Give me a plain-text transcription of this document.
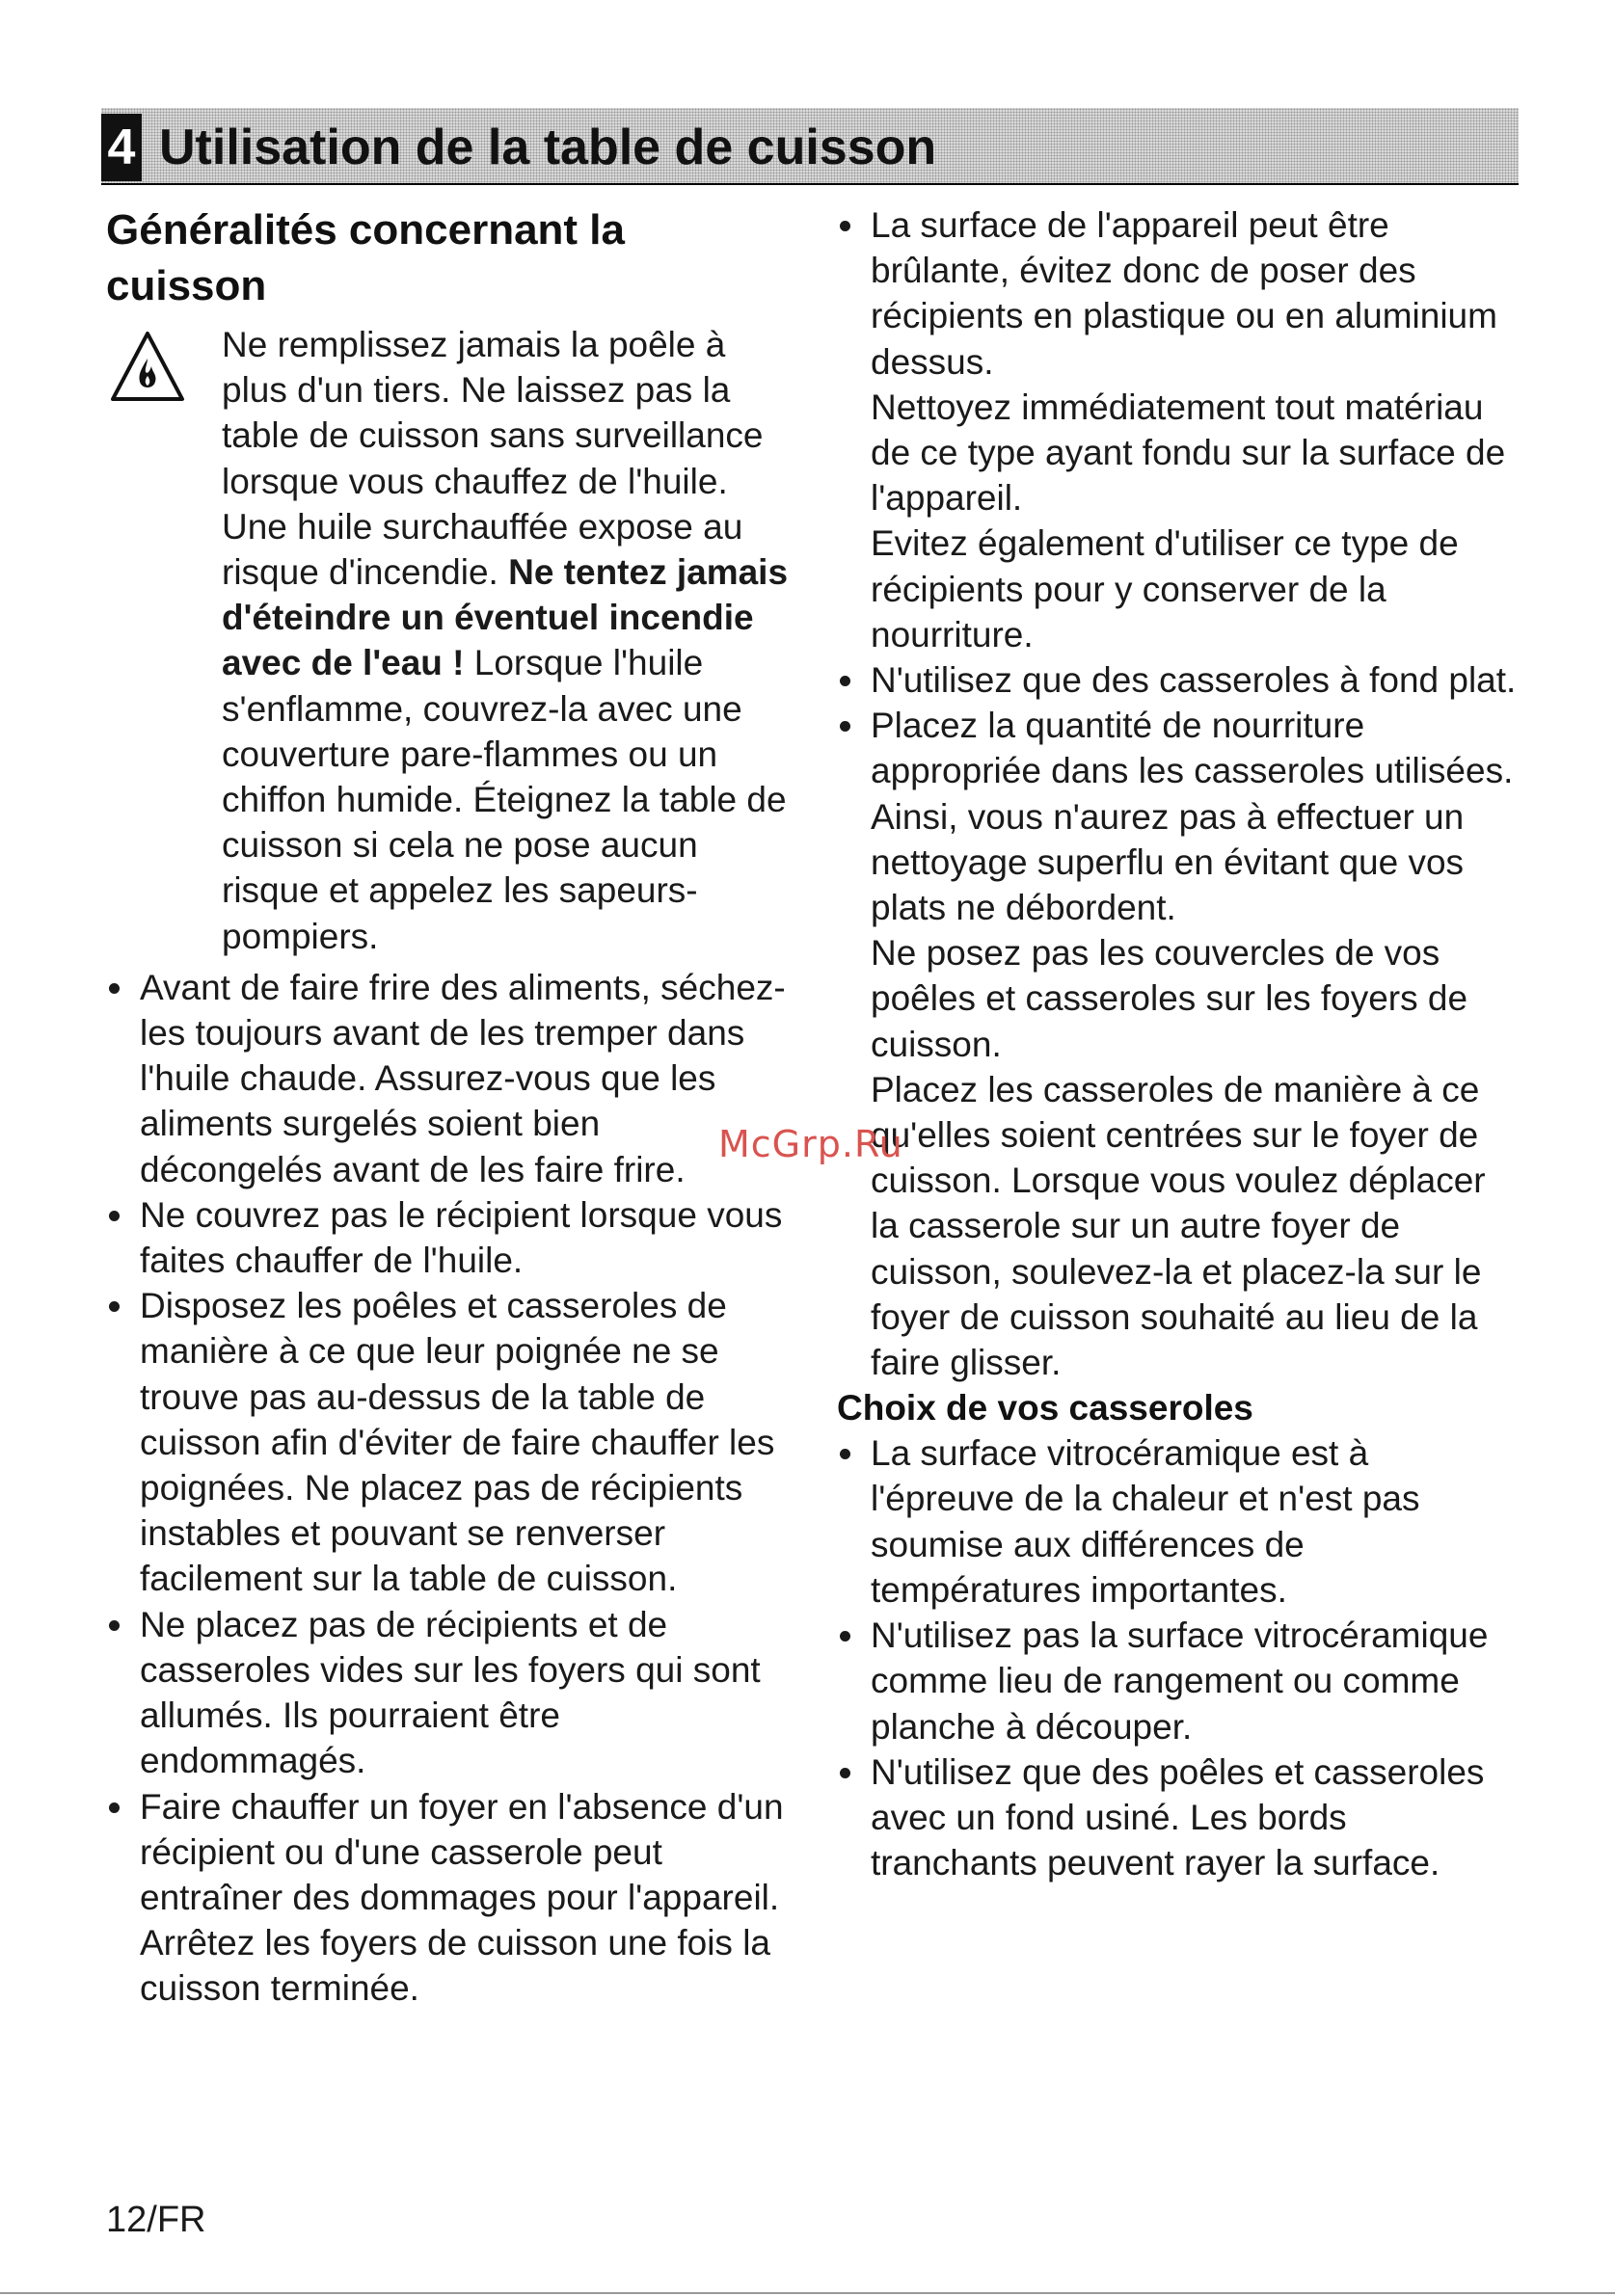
4 Utilisation de la table de cuisson
Généralités concernant la cuisson

Ne remplissez jamais la poêle à plus d'un tiers. Ne laissez pas la table de cuisson sans surveillance lorsque vous chauffez de l'huile. Une huile surchauffée expose au risque d'incendie. Ne tentez jamais d'éteindre un éventuel incendie avec de l'eau ! Lorsque l'huile s'enflamme, couvrez-la avec une couverture pare-flammes ou un chiffon humide. Éteignez la table de cuisson si cela ne pose aucun risque et appelez les sapeurs-pompiers.

Avant de faire frire des aliments, séchez-les toujours avant de les tremper dans l'huile chaude. Assurez-vous que les aliments surgelés soient bien décongelés avant de les faire frire.
Ne couvrez pas le récipient lorsque vous faites chauffer de l'huile.
Disposez les poêles et casseroles de manière à ce que leur poignée ne se trouve pas au-dessus de la table de cuisson afin d'éviter de faire chauffer les poignées. Ne placez pas de récipients instables et pouvant se renverser facilement sur la table de cuisson.
Ne placez pas de récipients et de casseroles vides sur les foyers qui sont allumés. Ils pourraient être endommagés.
Faire chauffer un foyer en l'absence d'un récipient ou d'une casserole peut entraîner des dommages pour l'appareil. Arrêtez les foyers de cuisson une fois la cuisson terminée.
La surface de l'appareil peut être brûlante, évitez donc de poser des récipients en plastique ou en aluminium dessus.
Nettoyez immédiatement tout matériau de ce type ayant fondu sur la surface de l'appareil.
Evitez également d'utiliser ce type de récipients pour y conserver de la nourriture.
N'utilisez que des casseroles à fond plat.
Placez la quantité de nourriture appropriée dans les casseroles utilisées. Ainsi, vous n'aurez pas à effectuer un nettoyage superflu en évitant que vos plats ne débordent.
Ne posez pas les couvercles de vos poêles et casseroles sur les foyers de cuisson.
Placez les casseroles de manière à ce qu'elles soient centrées sur le foyer de cuisson. Lorsque vous voulez déplacer la casserole sur un autre foyer de cuisson, soulevez-la et placez-la sur le foyer de cuisson souhaité au lieu de la faire glisser.
Choix de vos casseroles
La surface vitrocéramique est à l'épreuve de la chaleur et n'est pas soumise aux différences de températures importantes.
N'utilisez pas la surface vitrocéramique comme lieu de rangement ou comme planche à découper.
N'utilisez que des poêles et casseroles avec un fond usiné. Les bords tranchants peuvent rayer la surface.
McGrp.Ru
12/FR
